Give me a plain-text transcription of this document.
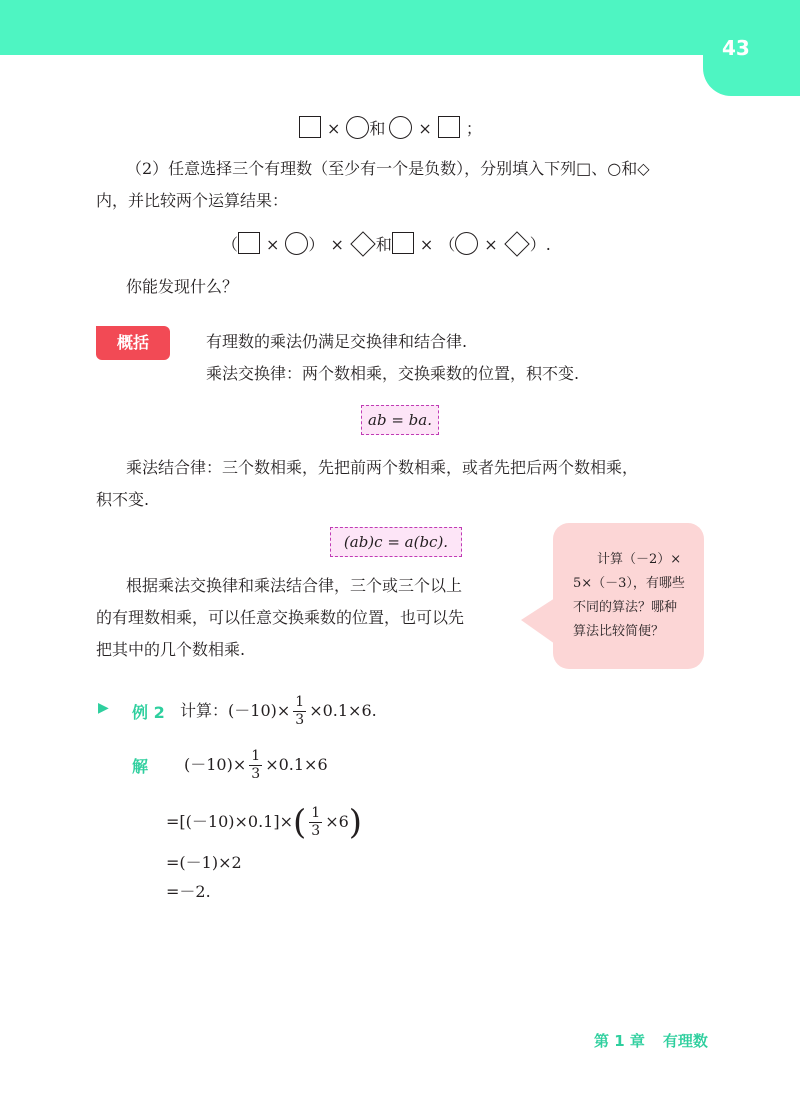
43
× 和 × ；
（2）任意选择三个有理数（至少有一个是负数），分别填入下列□、○和◇
内，并比较两个运算结果：
（ × ） × 和 × （ × ）.
你能发现什么？
概括	有理数的乘法仍满足交换律和结合律.
乘法交换律：两个数相乘，交换乘数的位置，积不变.
ab = ba.
乘法结合律：三个数相乘，先把前两个数相乘，或者先把后两个数相乘，
积不变.
(ab)c = a(bc).
根据乘法交换律和乘法结合律，三个或三个以上
的有理数相乘，可以任意交换乘数的位置，也可以先
把其中的几个数相乘.
计算（－2）×
5×（－3），有哪些
不同的算法？哪种
算法比较简便？
▶ 例 2 计算：$(-10)\times \frac{1}{3} \times 0.1\times 6$.
解 $(-10)\times \frac{1}{3} \times 0.1\times 6$
$=[(-10)\times 0.1]\times( \frac{1}{3} \times 6)$
=(－1)×2
=－2.
第 1 章 有理数
